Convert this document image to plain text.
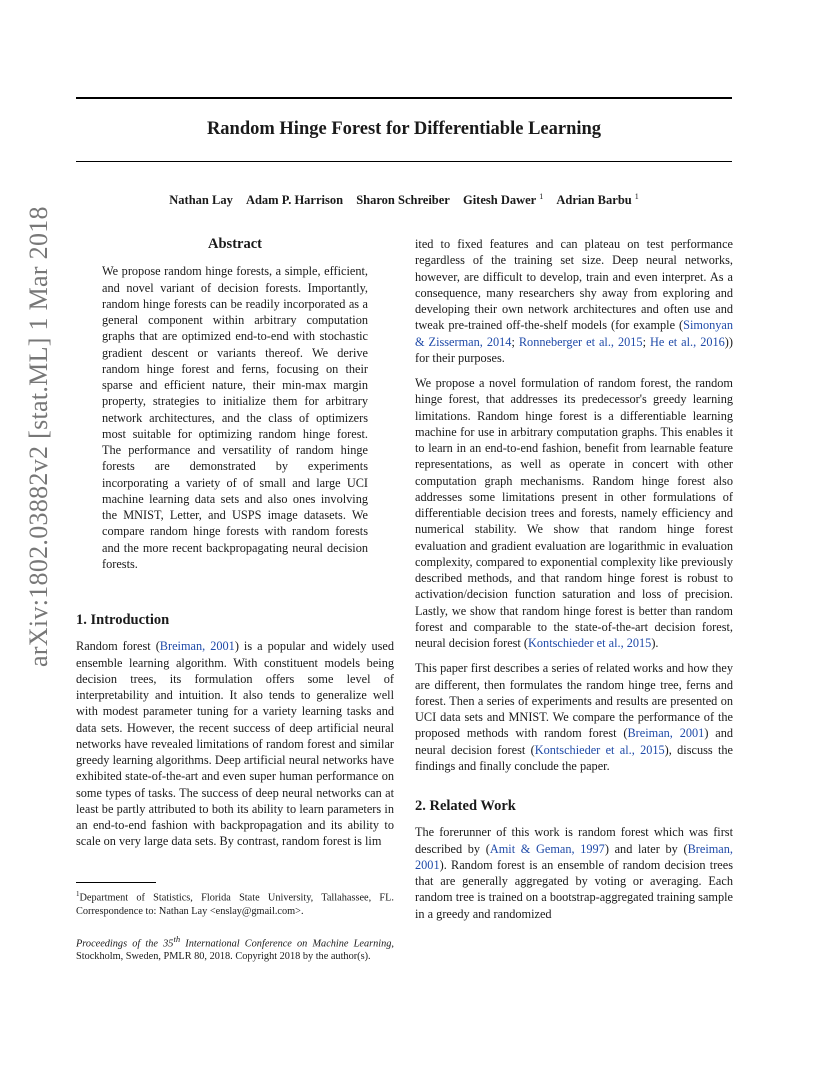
Random Hinge Forest for Differentiable Learning
Nathan Lay Adam P. Harrison Sharon Schreiber Gitesh Dawer $^1$ Adrian Barbu $^1$
arXiv:1802.03882v2 [stat.ML] 1 Mar 2018	Abstract

We propose random hinge forests, a simple, efficient, and novel variant of decision forests. Importantly, random hinge forests can be readily incorporated as a general component within arbitrary computation graphs that are optimized end-to-end with stochastic gradient descent or variants thereof. We derive random hinge forest and ferns, focusing on their sparse and efficient nature, their min-max margin property, strategies to initialize them for arbitrary network architectures, and the class of optimizers most suitable for optimizing random hinge forest. The performance and versatility of random hinge forests are demonstrated by experiments incorporating a variety of of small and large UCI machine learning data sets and also ones involving the MNIST, Letter, and USPS image datasets. We compare random hinge forests with random forests and the more recent backpropagating neural decision forests.

1. Introduction

Random forest (Breiman, 2001) is a popular and widely used ensemble learning algorithm. With constituent models being decision trees, its formulation offers some level of interpretability and intuition. It also tends to generalize well with modest parameter tuning for a variety learning tasks and data sets. However, the recent success of deep artificial neural networks have revealed limitations of random forest and similar greedy learning algorithms. Deep artificial neural networks have exhibited state-of-the-art and even super human performance on some types of tasks. The success of deep neural networks can at least be partly attributed to both its ability to learn parameters in an end-to-end fashion with backpropagation and its ability to scale on very large data sets. By contrast, random forest is lim

ited to fixed features and can plateau on test performance regardless of the training set size. Deep neural networks, however, are difficult to develop, train and even interpret. As a consequence, many researchers shy away from exploring and developing their own network architectures and often use and tweak pre-trained off-the-shelf models (for example (Simonyan & Zisserman, 2014; Ronneberger et al., 2015; He et al., 2016)) for their purposes.

We propose a novel formulation of random forest, the random hinge forest, that addresses its predecessor's greedy learning limitations. Random hinge forest is a differentiable learning machine for use in arbitrary computation graphs. This enables it to learn in an end-to-end fashion, benefit from learnable feature representations, as well as operate in concert with other computation graph mechanisms. Random hinge forest also addresses some limitations present in other formulations of differentiable decision trees and forests, namely efficiency and numerical stability. We show that random hinge forest evaluation and gradient evaluation are logarithmic in evaluation complexity, compared to exponential complexity like previously described methods, and that random hinge forest is robust to activation/decision function saturation and loss of precision. Lastly, we show that random hinge forest is better than random forest and comparable to the state-of-the-art decision forest, neural decision forest (Kontschieder et al., 2015).

This paper first describes a series of related works and how they are different, then formulates the random hinge tree, ferns and forest. Then a series of experiments and results are presented on UCI data sets and MNIST. We compare the performance of the proposed methods with random forest (Breiman, 2001) and neural decision forest (Kontschieder et al., 2015), discuss the findings and finally conclude the paper.

2. Related Work

The forerunner of this work is random forest which was first described by (Amit & Geman, 1997) and later by (Breiman, 2001). Random forest is an ensemble of random decision trees that are generally aggregated by voting or averaging. Each random tree is trained on a bootstrap-aggregated training sample in a greedy and randomized

$^1$Department of Statistics, Florida State University, Tallahassee, FL. Correspondence to: Nathan Lay <enslay@gmail.com>.

Proceedings of the 35th International Conference on Machine Learning, Stockholm, Sweden, PMLR 80, 2018. Copyright 2018 by the author(s).
